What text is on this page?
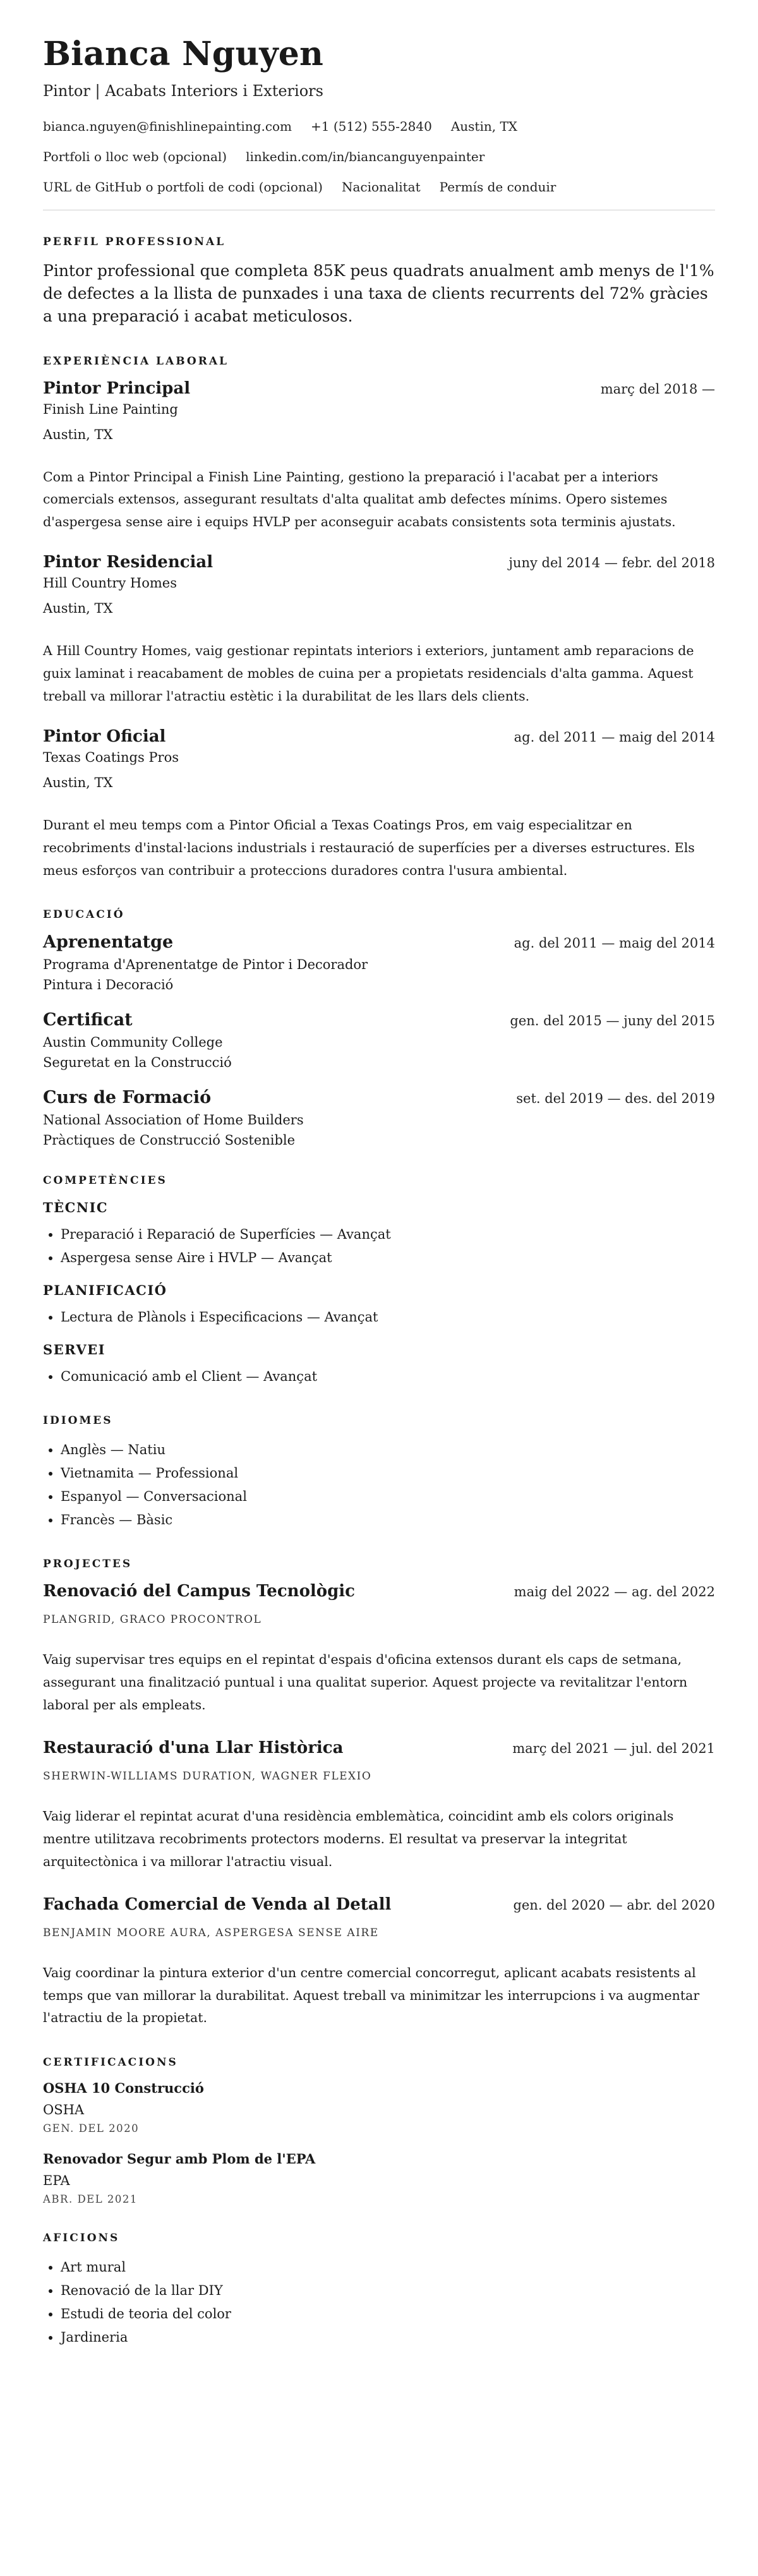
Bianca Nguyen
Pintor | Acabats Interiors i Exteriors
bianca.nguyen@finishlinepainting.com +1 (512) 555-2840 Austin, TX
Portfoli o lloc web (opcional) linkedin.com/in/biancanguyenpainter
URL de GitHub o portfoli de codi (opcional) Nacionalitat Permís de conduir
PERFIL PROFESSIONAL

Pintor professional que completa 85K peus quadrats anualment amb menys de l'1% de defectes a la llista de punxades i una taxa de clients recurrents del 72% gràcies a una preparació i acabat meticulosos.

EXPERIÈNCIA LABORAL
Pintor Principal	març del 2018 —
Finish Line Painting
Austin, TX
Com a Pintor Principal a Finish Line Painting, gestiono la preparació i l'acabat per a interiors comercials extensos, assegurant resultats d'alta qualitat amb defectes mínims. Opero sistemes d'aspergesa sense aire i equips HVLP per aconseguir acabats consistents sota terminis ajustats.
Pintor Residencial	juny del 2014 — febr. del 2018
Hill Country Homes
Austin, TX
A Hill Country Homes, vaig gestionar repintats interiors i exteriors, juntament amb reparacions de guix laminat i reacabament de mobles de cuina per a propietats residencials d'alta gamma. Aquest treball va millorar l'atractiu estètic i la durabilitat de les llars dels clients.
Pintor Oficial	ag. del 2011 — maig del 2014
Texas Coatings Pros
Austin, TX
Durant el meu temps com a Pintor Oficial a Texas Coatings Pros, em vaig especialitzar en recobriments d'instal·lacions industrials i restauració de superfícies per a diverses estructures. Els meus esforços van contribuir a proteccions duradores contra l'usura ambiental.
EDUCACIÓ
Aprenentatge	ag. del 2011 — maig del 2014
Programa d'Aprenentatge de Pintor i Decorador
Pintura i Decoració
Certificat	gen. del 2015 — juny del 2015
Austin Community College
Seguretat en la Construcció
Curs de Formació	set. del 2019 — des. del 2019
National Association of Home Builders
Pràctiques de Construcció Sostenible
COMPETÈNCIES
TÈCNIC
• Preparació i Reparació de Superfícies — Avançat
• Aspergesa sense Aire i HVLP — Avançat
PLANIFICACIÓ
• Lectura de Plànols i Especificacions — Avançat
SERVEI
• Comunicació amb el Client — Avançat
IDIOMES
• Anglès — Natiu
• Vietnamita — Professional
• Espanyol — Conversacional
• Francès — Bàsic
PROJECTES
Renovació del Campus Tecnològic	maig del 2022 — ag. del 2022
PLANGRID, GRACO PROCONTROL
Vaig supervisar tres equips en el repintat d'espais d'oficina extensos durant els caps de setmana, assegurant una finalització puntual i una qualitat superior. Aquest projecte va revitalitzar l'entorn laboral per als empleats.
Restauració d'una Llar Històrica	març del 2021 — jul. del 2021
SHERWIN-WILLIAMS DURATION, WAGNER FLEXIO
Vaig liderar el repintat acurat d'una residència emblemàtica, coincidint amb els colors originals mentre utilitzava recobriments protectors moderns. El resultat va preservar la integritat arquitectònica i va millorar l'atractiu visual.
Fachada Comercial de Venda al Detall	gen. del 2020 — abr. del 2020
BENJAMIN MOORE AURA, ASPERGESA SENSE AIRE
Vaig coordinar la pintura exterior d'un centre comercial concorregut, aplicant acabats resistents al temps que van millorar la durabilitat. Aquest treball va minimitzar les interrupcions i va augmentar l'atractiu de la propietat.
CERTIFICACIONS
OSHA 10 Construcció
OSHA
GEN. DEL 2020
Renovador Segur amb Plom de l'EPA
EPA
ABR. DEL 2021
AFICIONS
• Art mural
• Renovació de la llar DIY
• Estudi de teoria del color
• Jardineria
